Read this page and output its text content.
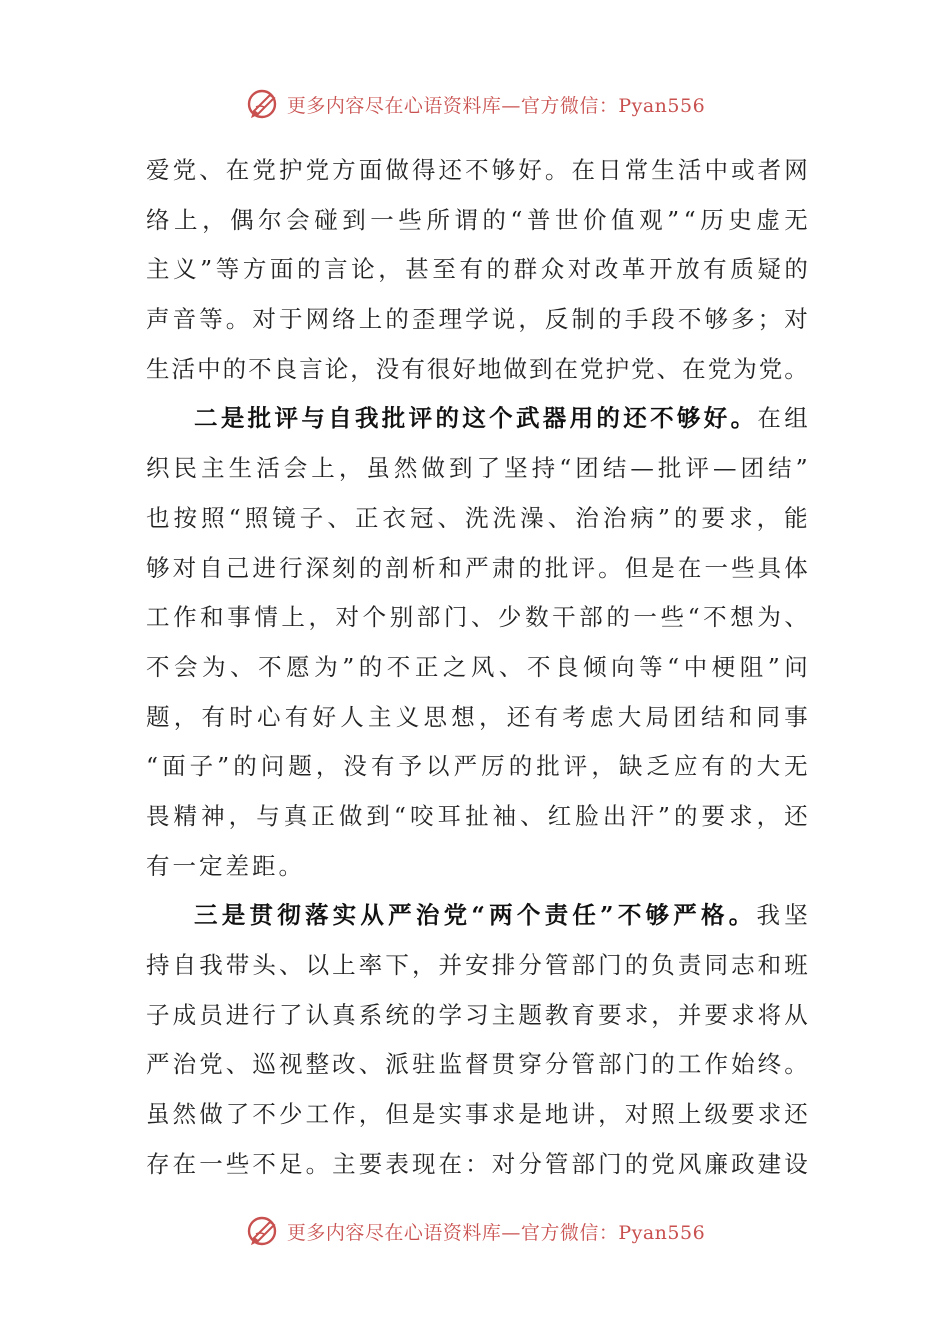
更多内容尽在心语资料库—官方微信：Pyan556
爱 党 、 在 党 护 党 方 面 做 得 还 不 够 好 。 在 日 常 生 活 中 或 者 网
络 上 ， 偶 尔 会 碰 到 一 些 所 谓 的 “ 普 世 价 值 观 ” “ 历 史 虚 无
主 义 ” 等 方 面 的 言 论 ， 甚 至 有 的 群 众 对 改 革 开 放 有 质 疑 的
声 音 等 。 对 于 网 络 上 的 歪 理 学 说 ， 反 制 的 手 段 不 够 多 ； 对
生 活 中 的 不 良 言 论 ， 没 有 很 好 地 做 到 在 党 护 党 、 在 党 为 党 。
二 是 批 评 与 自 我 批 评 的 这 个 武 器 用 的 还 不 够 好 。 在 组
织 民 主 生 活 会 上 ， 虽 然 做 到 了 坚 持 “ 团 结 — 批 评 — 团 结 ”
也 按 照 “ 照 镜 子 、 正 衣 冠 、 洗 洗 澡 、 治 治 病 ” 的 要 求 ， 能
够 对 自 己 进 行 深 刻 的 剖 析 和 严 肃 的 批 评 。 但 是 在 一 些 具 体
工 作 和 事 情 上 ， 对 个 别 部 门 、 少 数 干 部 的 一 些 “ 不 想 为 、
不 会 为 、 不 愿 为 ” 的 不 正 之 风 、 不 良 倾 向 等 “ 中 梗 阻 ” 问
题 ， 有 时 心 有 好 人 主 义 思 想 ， 还 有 考 虑 大 局 团 结 和 同 事
“ 面 子 ” 的 问 题 ， 没 有 予 以 严 厉 的 批 评 ， 缺 乏 应 有 的 大 无
畏 精 神 ， 与 真 正 做 到 “ 咬 耳 扯 袖 、 红 脸 出 汗 ” 的 要 求 ， 还
有 一 定 差 距 。
三 是 贯 彻 落 实 从 严 治 党 “ 两 个 责 任 ” 不 够 严 格 。 我 坚
持 自 我 带 头 、 以 上 率 下 ， 并 安 排 分 管 部 门 的 负 责 同 志 和 班
子 成 员 进 行 了 认 真 系 统 的 学 习 主 题 教 育 要 求 ， 并 要 求 将 从
严 治 党 、 巡 视 整 改 、 派 驻 监 督 贯 穿 分 管 部 门 的 工 作 始 终 。
虽 然 做 了 不 少 工 作 ， 但 是 实 事 求 是 地 讲 ， 对 照 上 级 要 求 还
存 在 一 些 不 足 。 主 要 表 现 在 ： 对 分 管 部 门 的 党 风 廉 政 建 设
更多内容尽在心语资料库—官方微信：Pyan556
